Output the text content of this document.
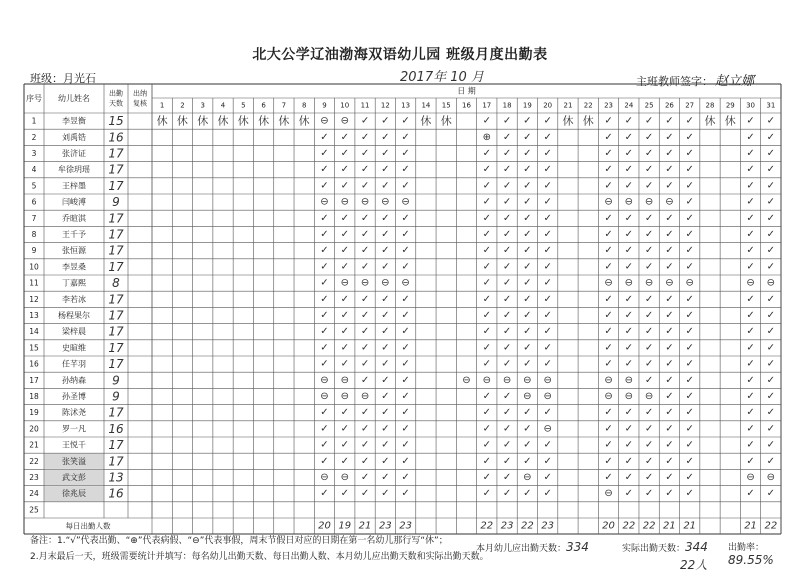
北大公学辽油渤海双语幼儿园 班级月度出勤表
班级：月光石	2017年 10 月	主班教师签字： 赵立娜
序号 幼儿姓名
出勤
天数
出纳
复核
日 期
1 2 3 4 5 6 7 8 9 10 11 12 13 14 15 16 17 18 19 20 21 22 23 24 25 26 27 28 29 30 31
1	李昱衡 15	休 休 休 休 休 休 休 休 ⊖ ⊖ ✓ ✓ ✓ 休 休	✓ ✓ ✓ ✓ 休 休 ✓ ✓ ✓ ✓ ✓ 休 休 ✓ ✓
2	刘禹锆 16	✓ ✓ ✓ ✓ ✓	⊕ ✓ ✓ ✓	✓ ✓ ✓ ✓ ✓	✓ ✓
3	张济证 17	✓ ✓ ✓ ✓ ✓	✓ ✓ ✓ ✓	✓ ✓ ✓ ✓ ✓	✓ ✓
4	牟徐玥瑶 17	✓ ✓ ✓ ✓ ✓	✓ ✓ ✓ ✓	✓ ✓ ✓ ✓ ✓	✓ ✓
5	王梓墨 17	✓ ✓ ✓ ✓ ✓	✓ ✓ ✓ ✓	✓ ✓ ✓ ✓ ✓	✓ ✓
6	闫峻溥 9	⊖ ⊖ ⊖ ⊖ ⊖	✓ ✓ ✓ ✓	⊖ ⊖ ⊖ ⊖ ✓	✓ ✓
7	乔暄淇 17	✓ ✓ ✓ ✓ ✓	✓ ✓ ✓ ✓	✓ ✓ ✓ ✓ ✓	✓ ✓
8	王千予 17	✓ ✓ ✓ ✓ ✓	✓ ✓ ✓ ✓	✓ ✓ ✓ ✓ ✓	✓ ✓
9	张恒源 17	✓ ✓ ✓ ✓ ✓	✓ ✓ ✓ ✓	✓ ✓ ✓ ✓ ✓	✓ ✓
10	李昱桑 17	✓ ✓ ✓ ✓ ✓	✓ ✓ ✓ ✓	✓ ✓ ✓ ✓ ✓	✓ ✓
11	丁嘉熙 8	✓ ⊖ ⊖ ⊖ ⊖	✓ ✓ ✓ ✓	⊖ ⊖ ⊖ ⊖ ⊖	⊖ ⊖
12	李若冰 17	✓ ✓ ✓ ✓ ✓	✓ ✓ ✓ ✓	✓ ✓ ✓ ✓ ✓	✓ ✓
13 杨程果尔 17	✓ ✓ ✓ ✓ ✓	✓ ✓ ✓ ✓	✓ ✓ ✓ ✓ ✓	✓ ✓
14	梁梓晨 17	✓ ✓ ✓ ✓ ✓	✓ ✓ ✓ ✓	✓ ✓ ✓ ✓ ✓	✓ ✓
15	史暄维 17	✓ ✓ ✓ ✓ ✓	✓ ✓ ✓ ✓	✓ ✓ ✓ ✓ ✓	✓ ✓
16	任芊羽 17	✓ ✓ ✓ ✓ ✓	✓ ✓ ✓ ✓	✓ ✓ ✓ ✓ ✓	✓ ✓
17	孙纳森 9	⊖ ⊖ ✓ ✓ ✓	⊖ ⊖ ⊖ ⊖ ⊖	⊖ ⊖ ✓ ✓ ✓	✓ ✓
18	孙圣博 9	⊖ ⊖ ⊖ ✓ ✓	✓ ✓ ⊖ ⊖	⊖ ⊖ ⊖ ✓ ✓	✓ ✓
19	陈沭尧 17	✓ ✓ ✓ ✓ ✓	✓ ✓ ✓ ✓	✓ ✓ ✓ ✓ ✓	✓ ✓
20	罗一凡 16	✓ ✓ ✓ ✓ ✓	✓ ✓ ✓ ⊖	✓ ✓ ✓ ✓ ✓	✓ ✓
21	王悦千 17	✓ ✓ ✓ ✓ ✓	✓ ✓ ✓ ✓	✓ ✓ ✓ ✓ ✓	✓ ✓
22	张笑溢 17	✓ ✓ ✓ ✓ ✓	✓ ✓ ✓ ✓	✓ ✓ ✓ ✓ ✓	✓ ✓
23	武文彭 13	⊖ ⊖ ✓ ✓ ✓	✓ ✓ ⊖ ✓	✓ ✓ ✓ ✓ ✓	⊖ ⊖
24	徐兆辰 16	✓ ✓ ✓ ✓ ✓	✓ ✓ ✓ ✓	⊖ ✓ ✓ ✓ ✓	✓ ✓
25
每日出勤人数	20 19 21 23 23	22 23 22 23	20 22 22 21 21	21 22
备注：1.“√”代表出勤、“⊕”代表病假、“⊖”代表事假，周末节假日对应的日期在第一名幼儿那行写“休”；
2.月末最后一天，班级需要统计并填写：每名幼儿出勤天数、每日出勤人数、本月幼儿应出勤天数和实际出勤天数。
本月幼儿应出勤天数：334	实际出勤天数：344 出勤率：89.55%
22人
